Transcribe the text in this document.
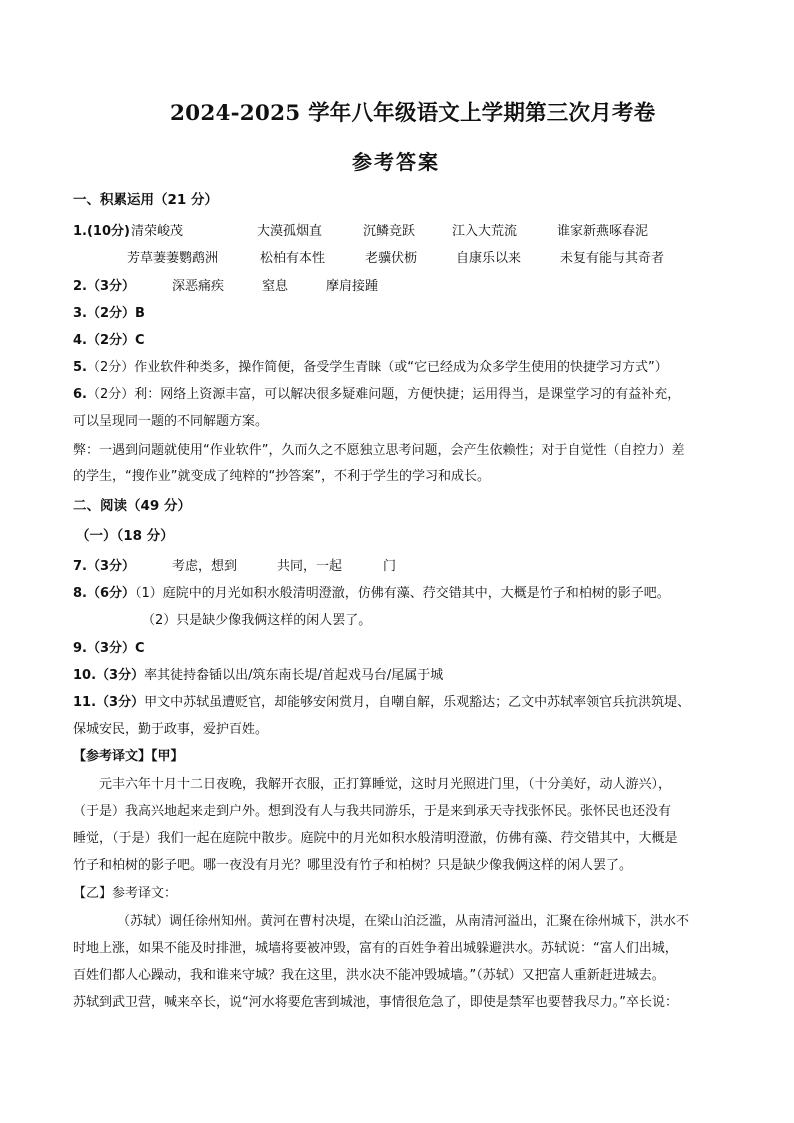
2024-2025 学年八年级语文上学期第三次月考卷
参考答案
一、积累运用（21 分）
1.(10分) 清荣峻茂	大漠孤烟直	沉鳞竞跃	江入大荒流	谁家新燕啄春泥
芳草萋萋鹦鹉洲	松柏有本性	老骥伏枥	自康乐以来	未复有能与其奇者
2.（3分）	深恶痛疾	窒息	摩肩接踵
3.（2分）B
4.（2分）C
5.（2分）作业软件种类多，操作简便，备受学生青睐（或“它已经成为众多学生使用的快捷学习方式”）
6.（2分）利：网络上资源丰富，可以解决很多疑难问题，方便快捷；运用得当，是课堂学习的有益补充，
可以呈现同一题的不同解题方案。
弊：一遇到问题就使用“作业软件”，久而久之不愿独立思考问题，会产生依赖性；对于自觉性（自控力）差
的学生，“搜作业”就变成了纯粹的“抄答案”，不利于学生的学习和成长。
二、阅读（49 分）
（一）（18 分）
7.（3分）	考虑，想到	共同，一起	门
8.（6分）（1）庭院中的月光如积水般清明澄澈，仿佛有藻、荇交错其中，大概是竹子和柏树的影子吧。
（2）只是缺少像我俩这样的闲人罢了。
9.（3分）C
10.（3分）率其徒持畚锸以出/筑东南长堤/首起戏马台/尾属于城
11.（3分）甲文中苏轼虽遭贬官，却能够安闲赏月，自嘲自解，乐观豁达；乙文中苏轼率领官兵抗洪筑堤、
保城安民，勤于政事，爱护百姓。
【参考译文】【甲】
元丰六年十月十二日夜晚，我解开衣服，正打算睡觉，这时月光照进门里，（十分美好，动人游兴），
（于是）我高兴地起来走到户外。想到没有人与我共同游乐，于是来到承天寺找张怀民。张怀民也还没有
睡觉，（于是）我们一起在庭院中散步。庭院中的月光如积水般清明澄澈，仿佛有藻、荇交错其中，大概是
竹子和柏树的影子吧。哪一夜没有月光？哪里没有竹子和柏树？只是缺少像我俩这样的闲人罢了。
【乙】参考译文：
（苏轼）调任徐州知州。黄河在曹村决堤，在梁山泊泛滥，从南清河溢出，汇聚在徐州城下，洪水不
时地上涨，如果不能及时排泄，城墙将要被冲毁，富有的百姓争着出城躲避洪水。苏轼说：“富人们出城，
百姓们都人心躁动，我和谁来守城？我在这里，洪水决不能冲毁城墙。”（苏轼）又把富人重新赶进城去。
苏轼到武卫营，喊来卒长，说“河水将要危害到城池，事情很危急了，即使是禁军也要替我尽力。”卒长说：
